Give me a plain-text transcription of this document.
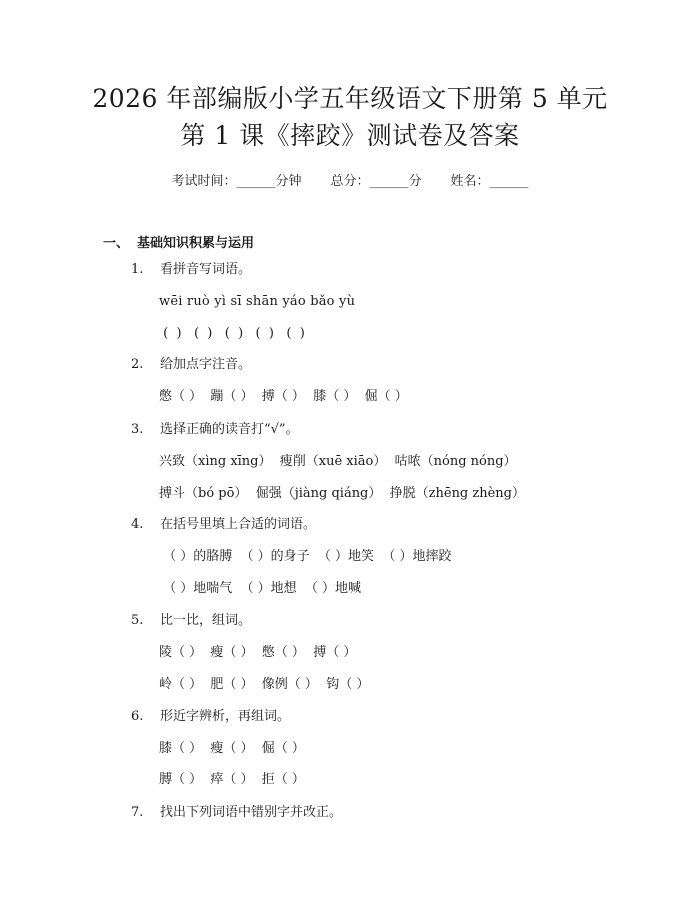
2026 年部编版小学五年级语文下册第 5 单元
第 1 课《摔跤》测试卷及答案
考试时间：______分钟 总分：______分 姓名：______
一、 基础知识积累与运用
1. 看拼音写词语。
wēi ruò yì sī shān yáo bǎo yù
(  )   (  )   (  )   (  )   (  )
2. 给加点字注音。
憋（ ）  蹦（ ）  搏（ ）  膝（ ）  倔（ ）
3. 选择正确的读音打“√”。
兴致（xìng xīng）  瘦削（xuē xiāo）  咕哝（nóng nóng）
搏斗（bó pō）  倔强（jiàng qiáng）  挣脱（zhēng zhèng）
4. 在括号里填上合适的词语。
（ ）的胳膊  （ ）的身子  （ ）地笑  （ ）地摔跤
（ ）地喘气  （ ）地想  （ ）地喊
5. 比一比，组词。
陵（ ）  瘦（ ）  憋（ ）  搏（ ）
岭（ ）  肥（ ）  像例（ ）  钩（ ）
6. 形近字辨析，再组词。
膝（ ）  瘦（ ）  倔（ ）
膊（ ）  瘁（ ）  拒（ ）
7. 找出下列词语中错别字并改正。
